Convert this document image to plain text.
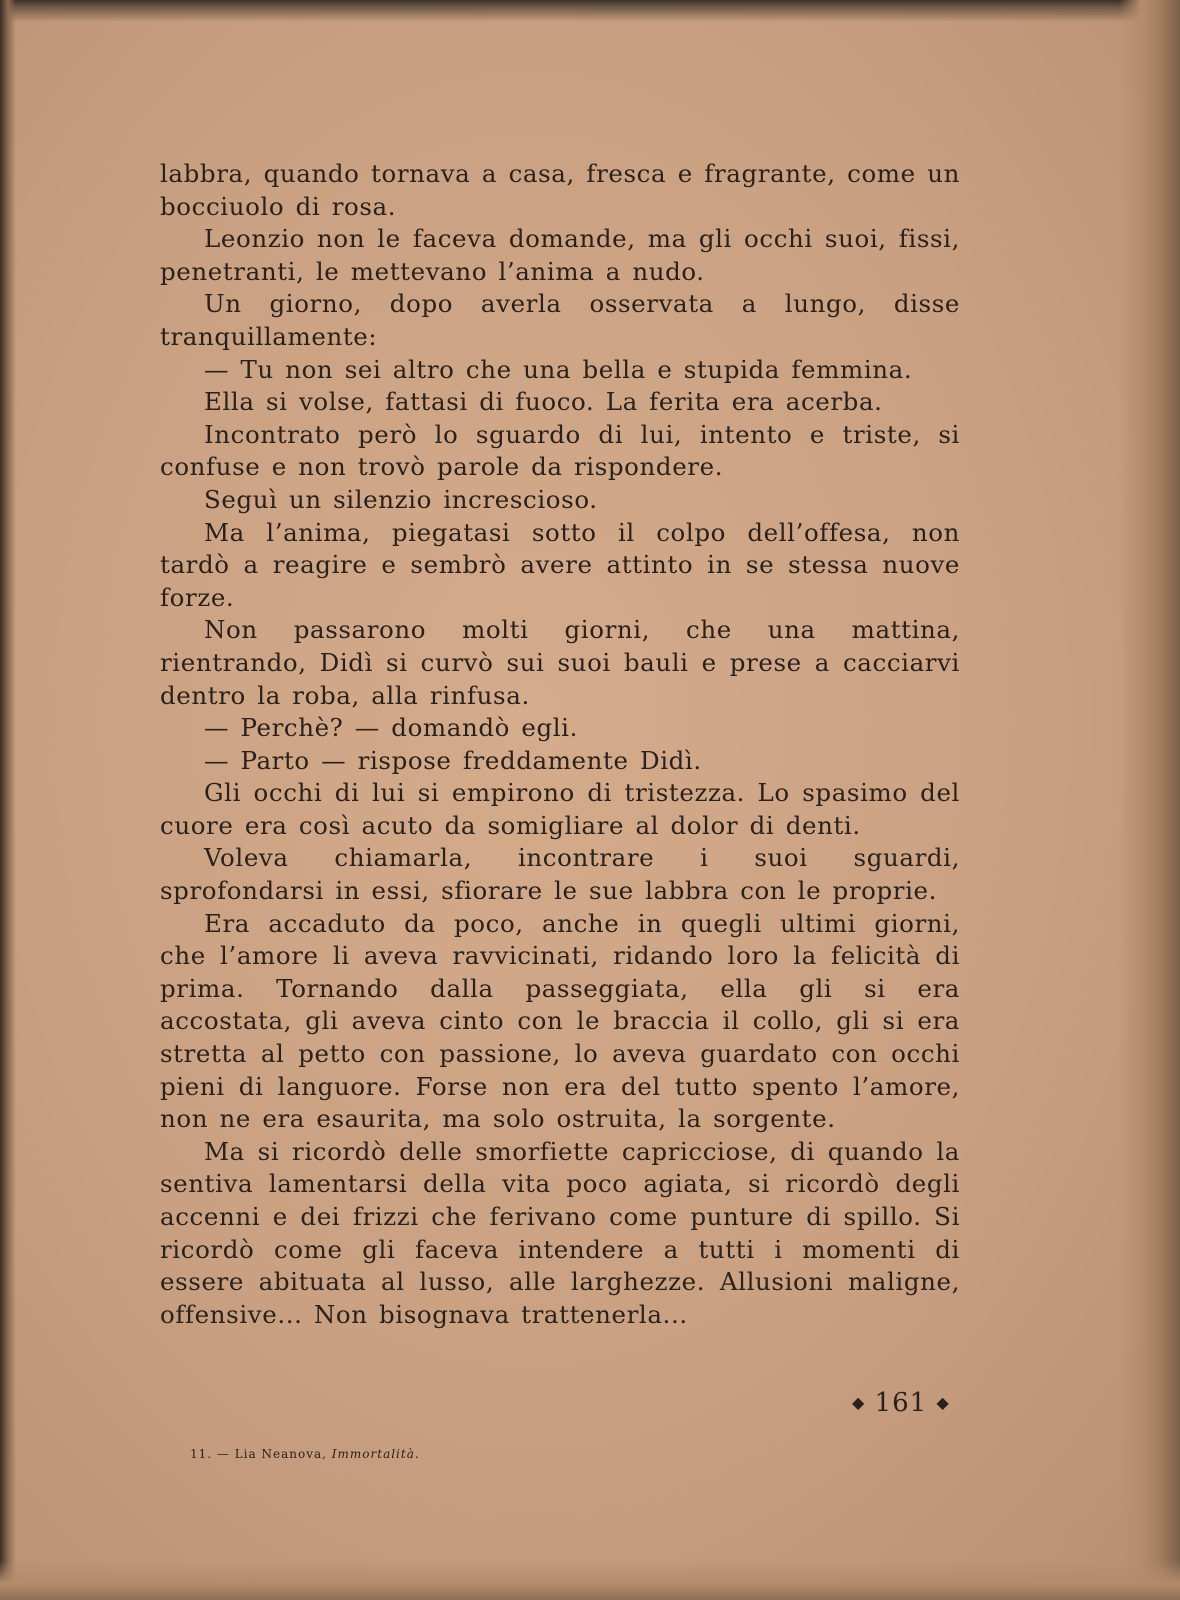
labbra, quando tornava a casa, fresca e fragrante, come un bocciuolo di rosa.

Leonzio non le faceva domande, ma gli occhi suoi, fissi, penetranti, le mettevano l’anima a nudo.

Un giorno, dopo averla osservata a lungo, disse tranquillamente:

— Tu non sei altro che una bella e stupida femmina.

Ella si volse, fattasi di fuoco. La ferita era acerba.

Incontrato però lo sguardo di lui, intento e triste, si confuse e non trovò parole da rispondere.

Seguì un silenzio increscioso.

Ma l’anima, piegatasi sotto il colpo dell’offesa, non tardò a reagire e sembrò avere attinto in se stessa nuove forze.

Non passarono molti giorni, che una mattina, rientrando, Didì si curvò sui suoi bauli e prese a cacciarvi dentro la roba, alla rinfusa.

— Perchè? — domandò egli.

— Parto — rispose freddamente Didì.

Gli occhi di lui si empirono di tristezza. Lo spasimo del cuore era così acuto da somigliare al dolor di denti.

Voleva chiamarla, incontrare i suoi sguardi, sprofondarsi in essi, sfiorare le sue labbra con le proprie.

Era accaduto da poco, anche in quegli ultimi giorni, che l’amore li aveva ravvicinati, ridando loro la felicità di prima. Tornando dalla passeggiata, ella gli si era accostata, gli aveva cinto con le braccia il collo, gli si era stretta al petto con passione, lo aveva guardato con occhi pieni di languore. Forse non era del tutto spento l’amore, non ne era esaurita, ma solo ostruita, la sorgente.

Ma si ricordò delle smorfiette capricciose, di quando la sentiva lamentarsi della vita poco agiata, si ricordò degli accenni e dei frizzi che ferivano come punture di spillo. Si ricordò come gli faceva intendere a tutti i momenti di essere abituata al lusso, alle larghezze. Allusioni maligne, offensive... Non bisognava trattenerla...

◆ 161 ◆
11. — Lia Neanova, Immortalità.
